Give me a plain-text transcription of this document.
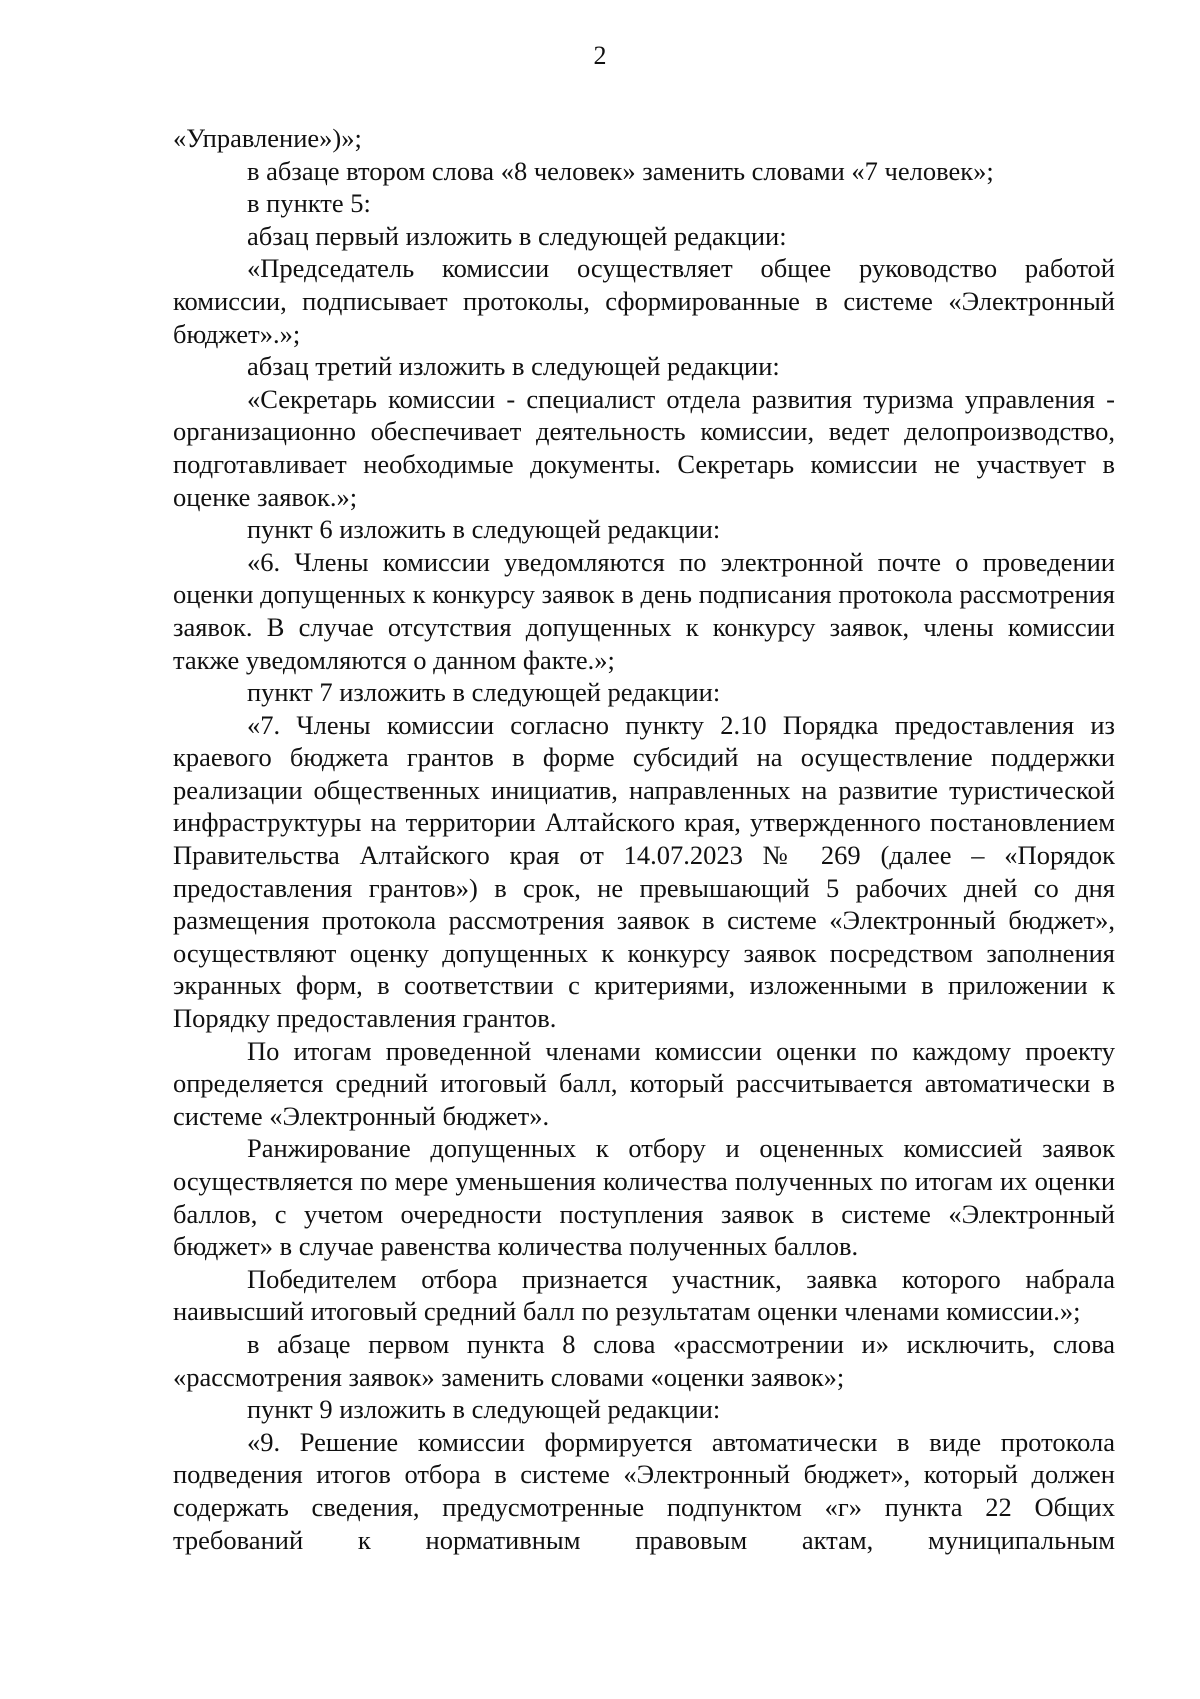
2

«Управление»)»;

в абзаце втором слова «8 человек» заменить словами «7 человек»;

в пункте 5:

абзац первый изложить в следующей редакции:

«Председатель комиссии осуществляет общее руководство работой комиссии, подписывает протоколы, сформированные в системе «Электронный бюджет».»;

абзац третий изложить в следующей редакции:

«Секретарь комиссии - специалист отдела развития туризма управления - организационно обеспечивает деятельность комиссии, ведет делопроизводство, подготавливает необходимые документы. Секретарь комиссии не участвует в оценке заявок.»;

пункт 6 изложить в следующей редакции:

«6. Члены комиссии уведомляются по электронной почте о проведении оценки допущенных к конкурсу заявок в день подписания протокола рассмотрения заявок. В случае отсутствия допущенных к конкурсу заявок, члены комиссии также уведомляются о данном факте.»;

пункт 7 изложить в следующей редакции:

«7. Члены комиссии согласно пункту 2.10 Порядка предоставления из краевого бюджета грантов в форме субсидий на осуществление поддержки реализации общественных инициатив, направленных на развитие туристической инфраструктуры на территории Алтайского края, утвержденного постановлением Правительства Алтайского края от 14.07.2023 № 269 (далее – «Порядок предоставления грантов») в срок, не превышающий 5 рабочих дней со дня размещения протокола рассмотрения заявок в системе «Электронный бюджет», осуществляют оценку допущенных к конкурсу заявок посредством заполнения экранных форм, в соответствии с критериями, изложенными в приложении к Порядку предоставления грантов.

По итогам проведенной членами комиссии оценки по каждому проекту определяется средний итоговый балл, который рассчитывается автоматически в системе «Электронный бюджет».

Ранжирование допущенных к отбору и оцененных комиссией заявок осуществляется по мере уменьшения количества полученных по итогам их оценки баллов, с учетом очередности поступления заявок в системе «Электронный бюджет» в случае равенства количества полученных баллов.

Победителем отбора признается участник, заявка которого набрала наивысший итоговый средний балл по результатам оценки членами комиссии.»;

в абзаце первом пункта 8 слова «рассмотрении и» исключить, слова «рассмотрения заявок» заменить словами «оценки заявок»;

пункт 9 изложить в следующей редакции:

«9. Решение комиссии формируется автоматически в виде протокола подведения итогов отбора в системе «Электронный бюджет», который должен содержать сведения, предусмотренные подпунктом «г» пункта 22 Общих требований к нормативным правовым актам, муниципальным
